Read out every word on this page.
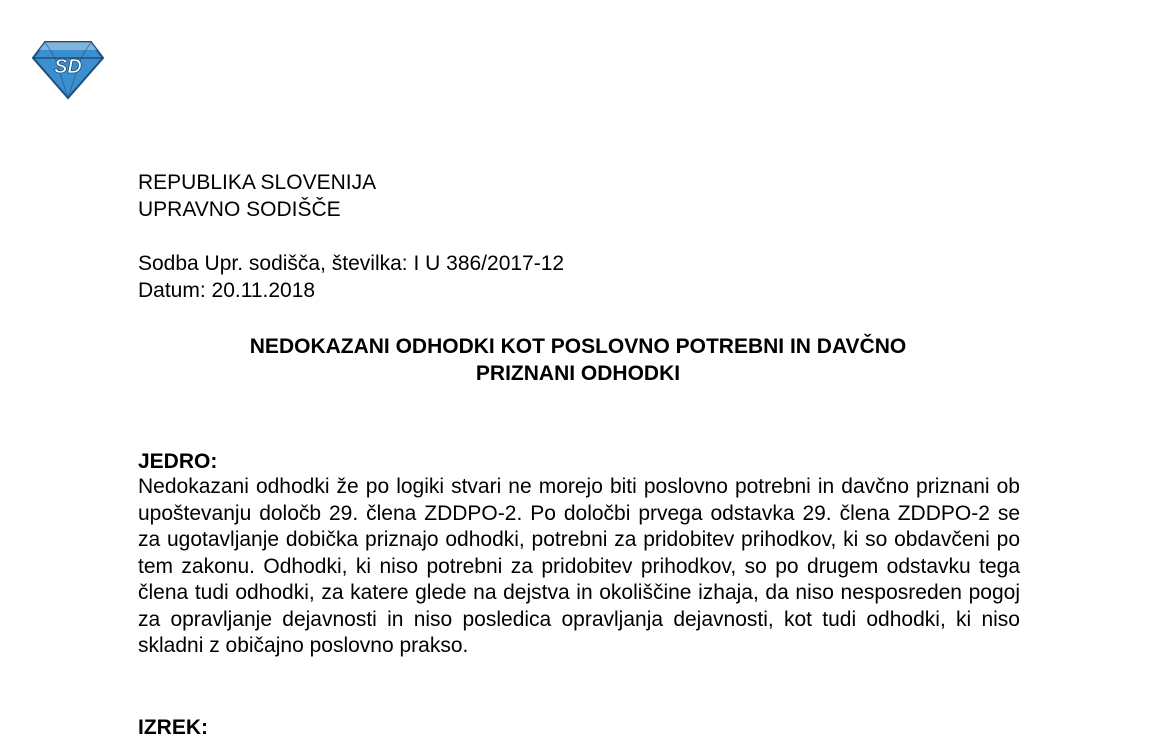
SD
REPUBLIKA SLOVENIJA
UPRAVNO SODIŠČE
Sodba Upr. sodišča, številka: I U 386/2017-12
Datum: 20.11.2018
NEDOKAZANI ODHODKI KOT POSLOVNO POTREBNI IN DAVČNO
PRIZNANI ODHODKI
JEDRO:
Nedokazani odhodki že po logiki stvari ne morejo biti poslovno potrebni in davčno priznani ob upoštevanju določb 29. člena ZDDPO-2. Po določbi prvega odstavka 29. člena ZDDPO-2 se za ugotavljanje dobička priznajo odhodki, potrebni za pridobitev prihodkov, ki so obdavčeni po tem zakonu. Odhodki, ki niso potrebni za pridobitev prihodkov, so po drugem odstavku tega člena tudi odhodki, za katere glede na dejstva in okoliščine izhaja, da niso nesposreden pogoj za opravljanje dejavnosti in niso posledica opravljanja dejavnosti, kot tudi odhodki, ki niso skladni z običajno poslovno prakso.
IZREK:
